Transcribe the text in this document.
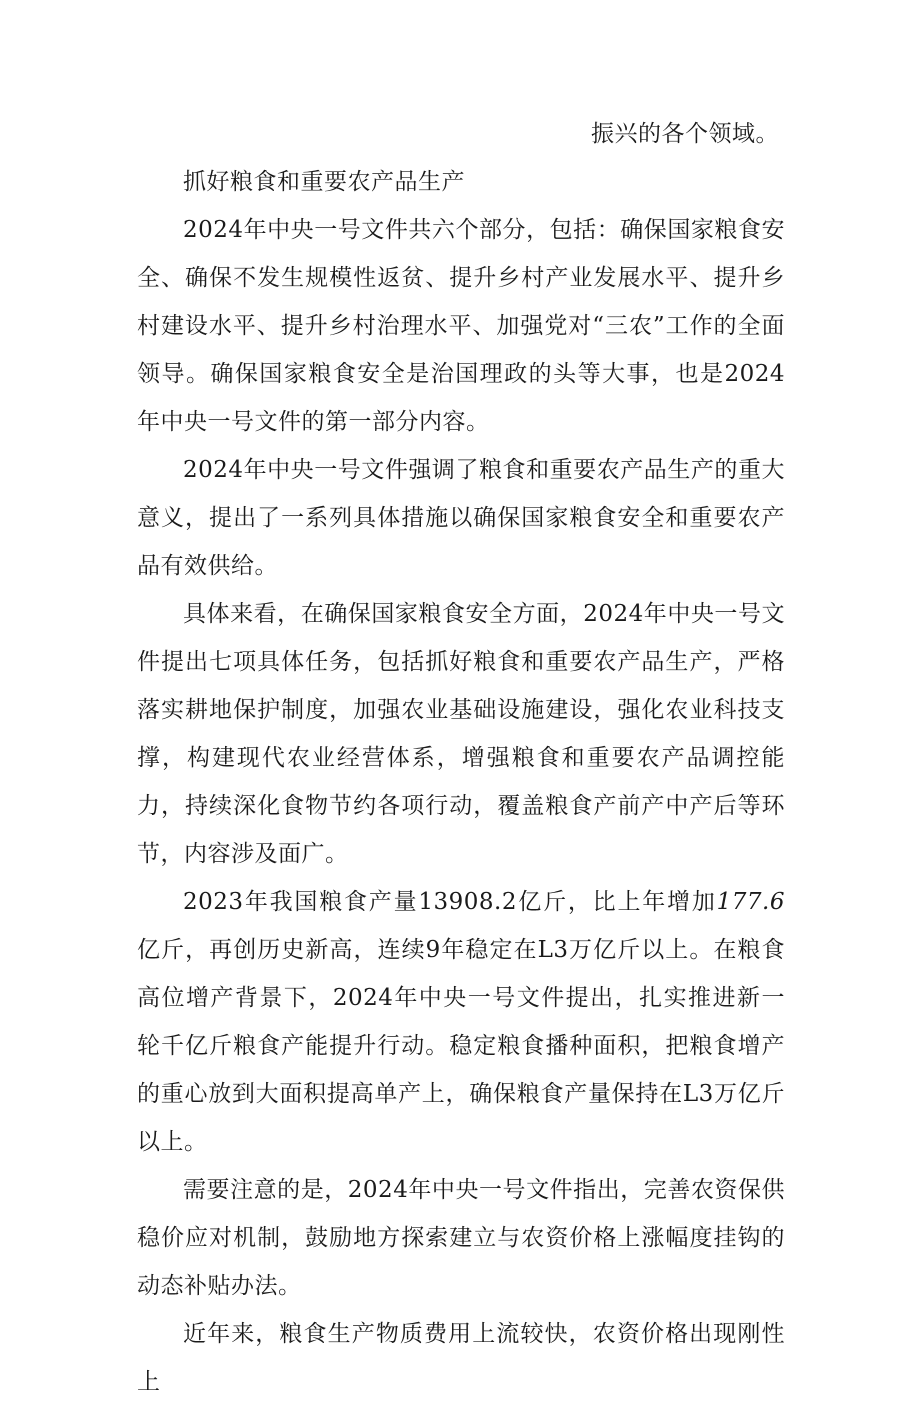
振兴的各个领域。

抓好粮食和重要农产品生产

2024年中央一号文件共六个部分，包括：确保国家粮食安全、确保不发生规模性返贫、提升乡村产业发展水平、提升乡村建设水平、提升乡村治理水平、加强党对“三农”工作的全面领导。确保国家粮食安全是治国理政的头等大事，也是2024年中央一号文件的第一部分内容。

2024年中央一号文件强调了粮食和重要农产品生产的重大意义，提出了一系列具体措施以确保国家粮食安全和重要农产品有效供给。

具体来看，在确保国家粮食安全方面，2024年中央一号文件提出七项具体任务，包括抓好粮食和重要农产品生产，严格落实耕地保护制度，加强农业基础设施建设，强化农业科技支撑，构建现代农业经营体系，增强粮食和重要农产品调控能力，持续深化食物节约各项行动，覆盖粮食产前产中产后等环节，内容涉及面广。

2023年我国粮食产量13908.2亿斤，比上年增加177.6亿斤，再创历史新高，连续9年稳定在L3万亿斤以上。在粮食高位增产背景下，2024年中央一号文件提出，扎实推进新一轮千亿斤粮食产能提升行动。稳定粮食播种面积，把粮食增产的重心放到大面积提高单产上，确保粮食产量保持在L3万亿斤以上。

需要注意的是，2024年中央一号文件指出，完善农资保供稳价应对机制，鼓励地方探索建立与农资价格上涨幅度挂钩的动态补贴办法。

近年来，粮食生产物质费用上流较快，农资价格出现刚性上
